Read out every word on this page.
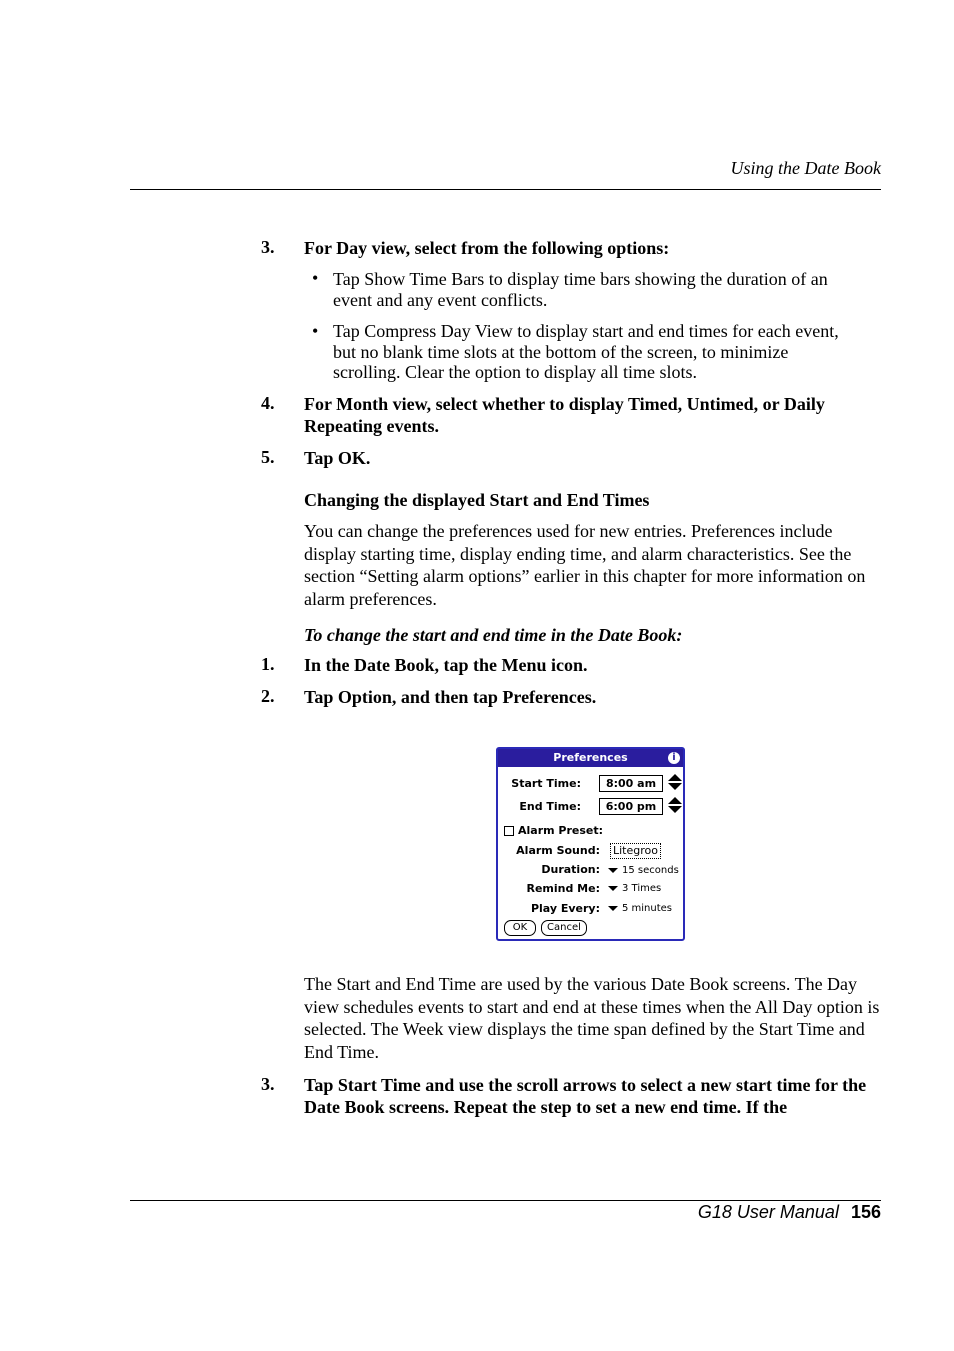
Using the Date Book
3. For Day view, select from the following options:
• Tap Show Time Bars to display time bars showing the duration of an event and any event conflicts.
• Tap Compress Day View to display start and end times for each event, but no blank time slots at the bottom of the screen, to minimize scrolling. Clear the option to display all time slots.
4. For Month view, select whether to display Timed, Untimed, or Daily Repeating events.
5. Tap OK.
Changing the displayed Start and End Times
You can change the preferences used for new entries. Preferences include display starting time, display ending time, and alarm characteristics. See the section “Setting alarm options” earlier in this chapter for more information on alarm preferences.
To change the start and end time in the Date Book:
1. In the Date Book, tap the Menu icon.
2. Tap Option, and then tap Preferences.
Preferences	i
Start Time:	8:00 am
End Time:	6:00 pm
Alarm Preset:
Alarm Sound: Litegroo
Duration:	15 seconds
Remind Me:	3 Times
Play Every:	5 minutes
OK	Cancel
The Start and End Time are used by the various Date Book screens. The Day view schedules events to start and end at these times when the All Day option is selected. The Week view displays the time span defined by the Start Time and End Time.
3. Tap Start Time and use the scroll arrows to select a new start time for the Date Book screens. Repeat the step to set a new end time. If the
G18 User Manual 156
